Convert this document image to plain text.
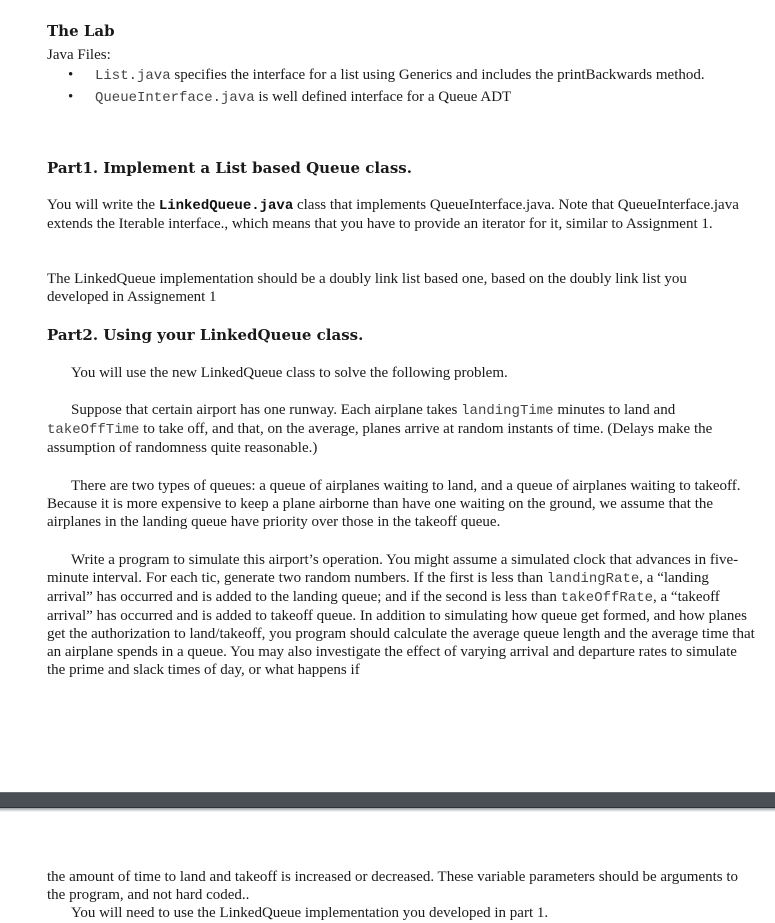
The Lab
Java Files:
• List.java specifies the interface for a list using Generics and includes the printBackwards method.
• QueueInterface.java is well defined interface for a Queue ADT
Part1. Implement a List based Queue class.

You will write the LinkedQueue.java class that implements QueueInterface.java. Note that QueueInterface.java extends the Iterable interface., which means that you have to provide an iterator for it, similar to Assignment 1.

The LinkedQueue implementation should be a doubly link list based one, based on the doubly link list you developed in Assignement 1

Part2. Using your LinkedQueue class.

You will use the new LinkedQueue class to solve the following problem.

Suppose that certain airport has one runway. Each airplane takes landingTime minutes to land and takeOffTime to take off, and that, on the average, planes arrive at random instants of time. (Delays make the assumption of randomness quite reasonable.)

There are two types of queues: a queue of airplanes waiting to land, and a queue of airplanes waiting to takeoff. Because it is more expensive to keep a plane airborne than have one waiting on the ground, we assume that the airplanes in the landing queue have priority over those in the takeoff queue.

Write a program to simulate this airport’s operation. You might assume a simulated clock that advances in five-minute interval. For each tic, generate two random numbers. If the first is less than landingRate, a “landing arrival” has occurred and is added to the landing queue; and if the second is less than takeOffRate, a “takeoff arrival” has occurred and is added to takeoff queue. In addition to simulating how queue get formed, and how planes get the authorization to land/takeoff, you program should calculate the average queue length and the average time that an airplane spends in a queue. You may also investigate the effect of varying arrival and departure rates to simulate the prime and slack times of day, or what happens if

the amount of time to land and takeoff is increased or decreased. These variable parameters should be arguments to the program, and not hard coded..

You will need to use the LinkedQueue implementation you developed in part 1.
